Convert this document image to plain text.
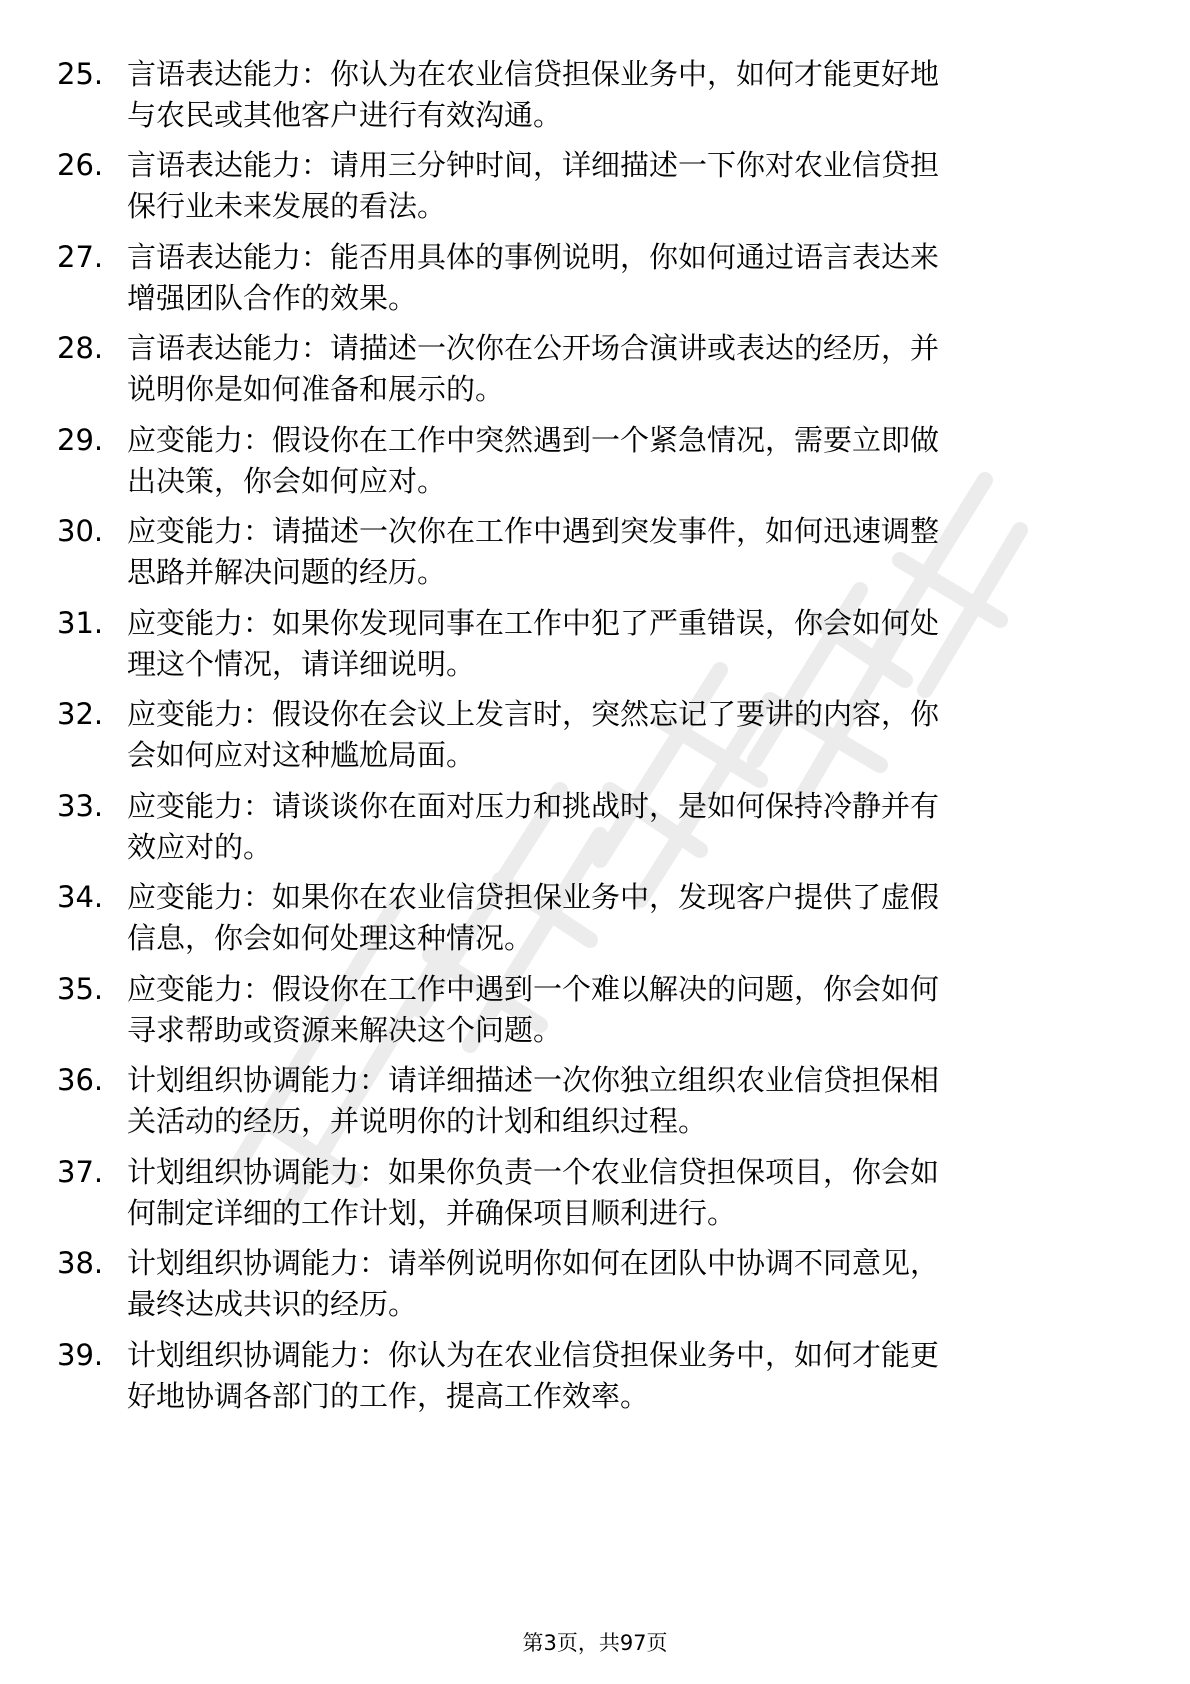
25. 言语表达能力：你认为在农业信贷担保业务中，如何才能更好地
与农民或其他客户进行有效沟通。
26. 言语表达能力：请用三分钟时间，详细描述一下你对农业信贷担
保行业未来发展的看法。
27. 言语表达能力：能否用具体的事例说明，你如何通过语言表达来
增强团队合作的效果。
28. 言语表达能力：请描述一次你在公开场合演讲或表达的经历，并
说明你是如何准备和展示的。
29. 应变能力：假设你在工作中突然遇到一个紧急情况，需要立即做
出决策，你会如何应对。
30. 应变能力：请描述一次你在工作中遇到突发事件，如何迅速调整
思路并解决问题的经历。
31. 应变能力：如果你发现同事在工作中犯了严重错误，你会如何处
理这个情况，请详细说明。
32. 应变能力：假设你在会议上发言时，突然忘记了要讲的内容，你
会如何应对这种尴尬局面。
33. 应变能力：请谈谈你在面对压力和挑战时，是如何保持冷静并有
效应对的。
34. 应变能力：如果你在农业信贷担保业务中，发现客户提供了虚假
信息，你会如何处理这种情况。
35. 应变能力：假设你在工作中遇到一个难以解决的问题，你会如何
寻求帮助或资源来解决这个问题。
36. 计划组织协调能力：请详细描述一次你独立组织农业信贷担保相
关活动的经历，并说明你的计划和组织过程。
37. 计划组织协调能力：如果你负责一个农业信贷担保项目，你会如
何制定详细的工作计划，并确保项目顺利进行。
38. 计划组织协调能力：请举例说明你如何在团队中协调不同意见，
最终达成共识的经历。
39. 计划组织协调能力：你认为在农业信贷担保业务中，如何才能更
好地协调各部门的工作，提高工作效率。
第3页，共97页
